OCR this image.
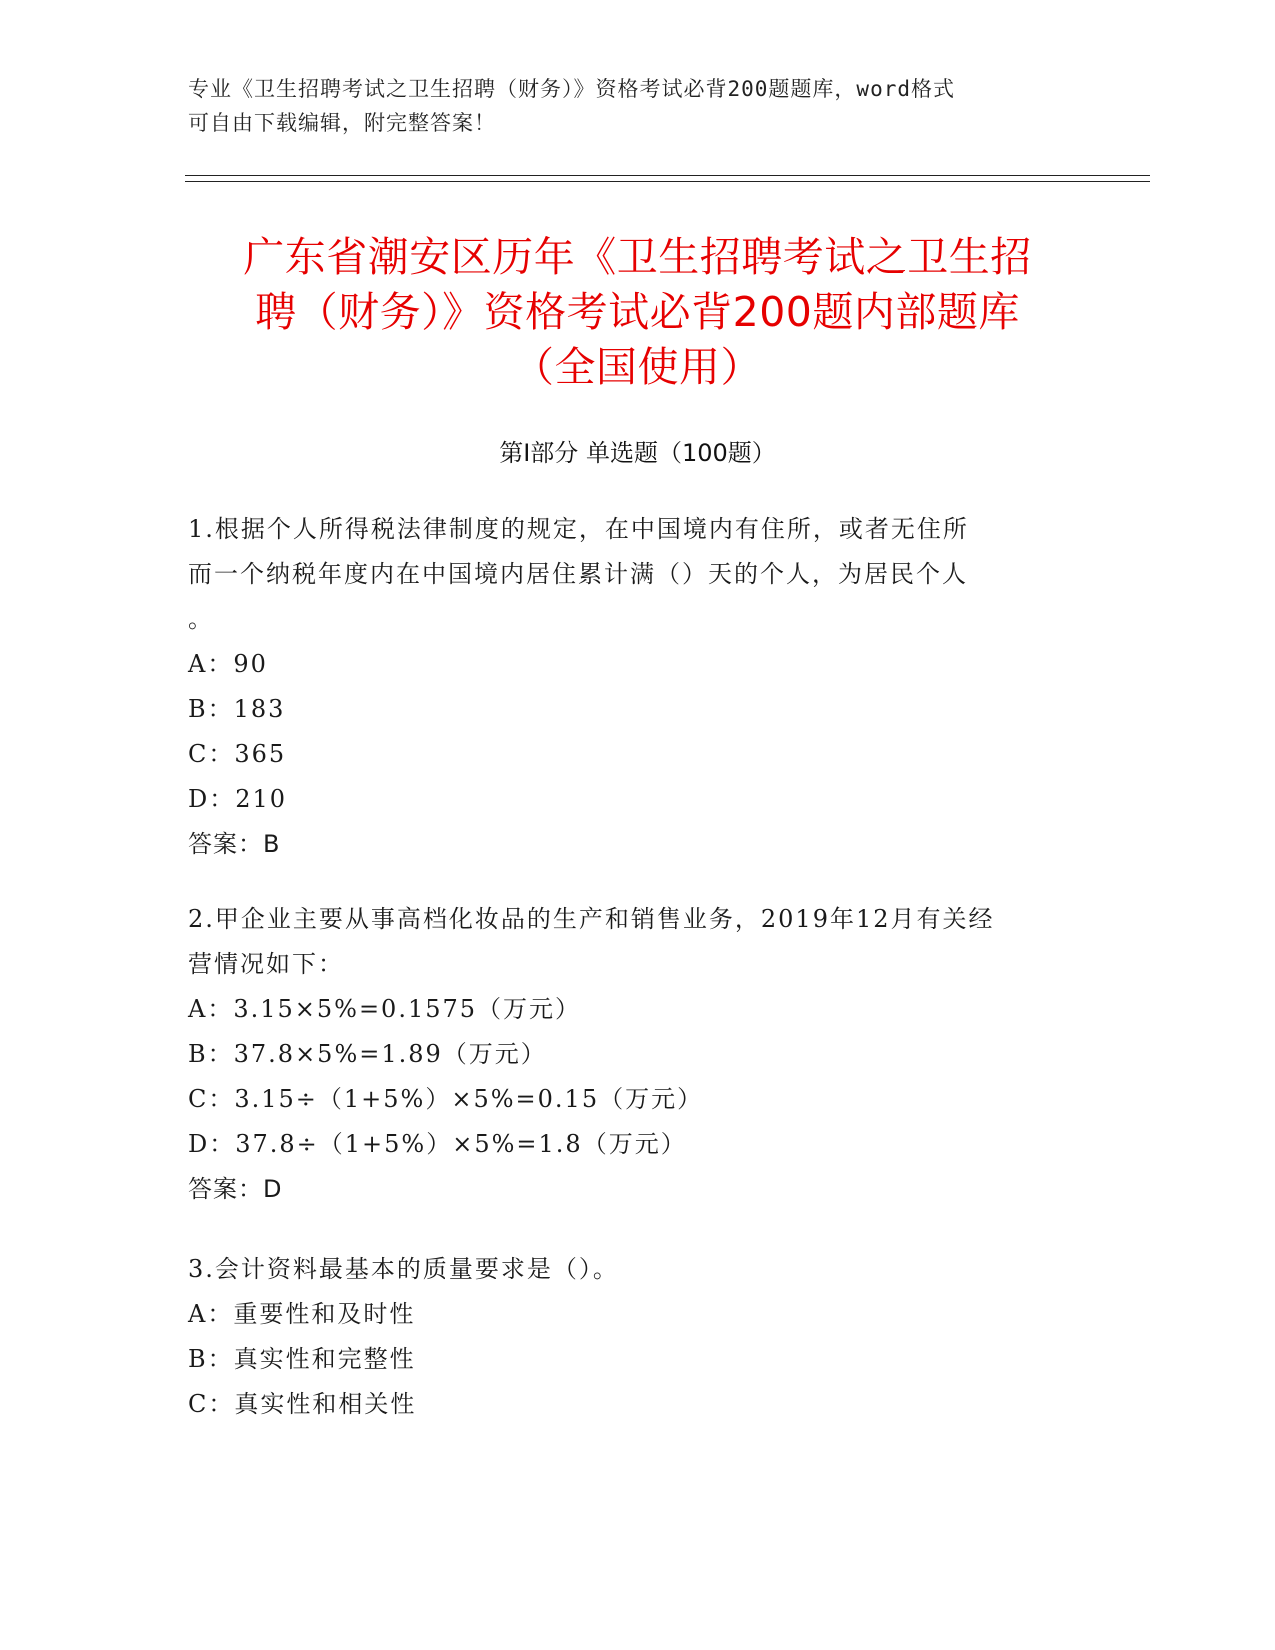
专业《卫生招聘考试之卫生招聘（财务）》资格考试必背200题题库，word格式
可自由下载编辑，附完整答案！
广东省潮安区历年《卫生招聘考试之卫生招
聘（财务）》资格考试必背200题内部题库
（全国使用）
第Ⅰ部分 单选题（100题）

1.根据个人所得税法律制度的规定，在中国境内有住所，或者无住所

而一个纳税年度内在中国境内居住累计满（）天的个人，为居民个人

。

A：90

B：183

C：365

D：210

答案：B

2.甲企业主要从事高档化妆品的生产和销售业务，2019年12月有关经

营情况如下：

A：3.15×5%=0.1575（万元）

B：37.8×5%=1.89（万元）

C：3.15÷（1+5%）×5%=0.15（万元）

D：37.8÷（1+5%）×5%=1.8（万元）

答案：D

3.会计资料最基本的质量要求是（）。

A：重要性和及时性

B：真实性和完整性

C：真实性和相关性
